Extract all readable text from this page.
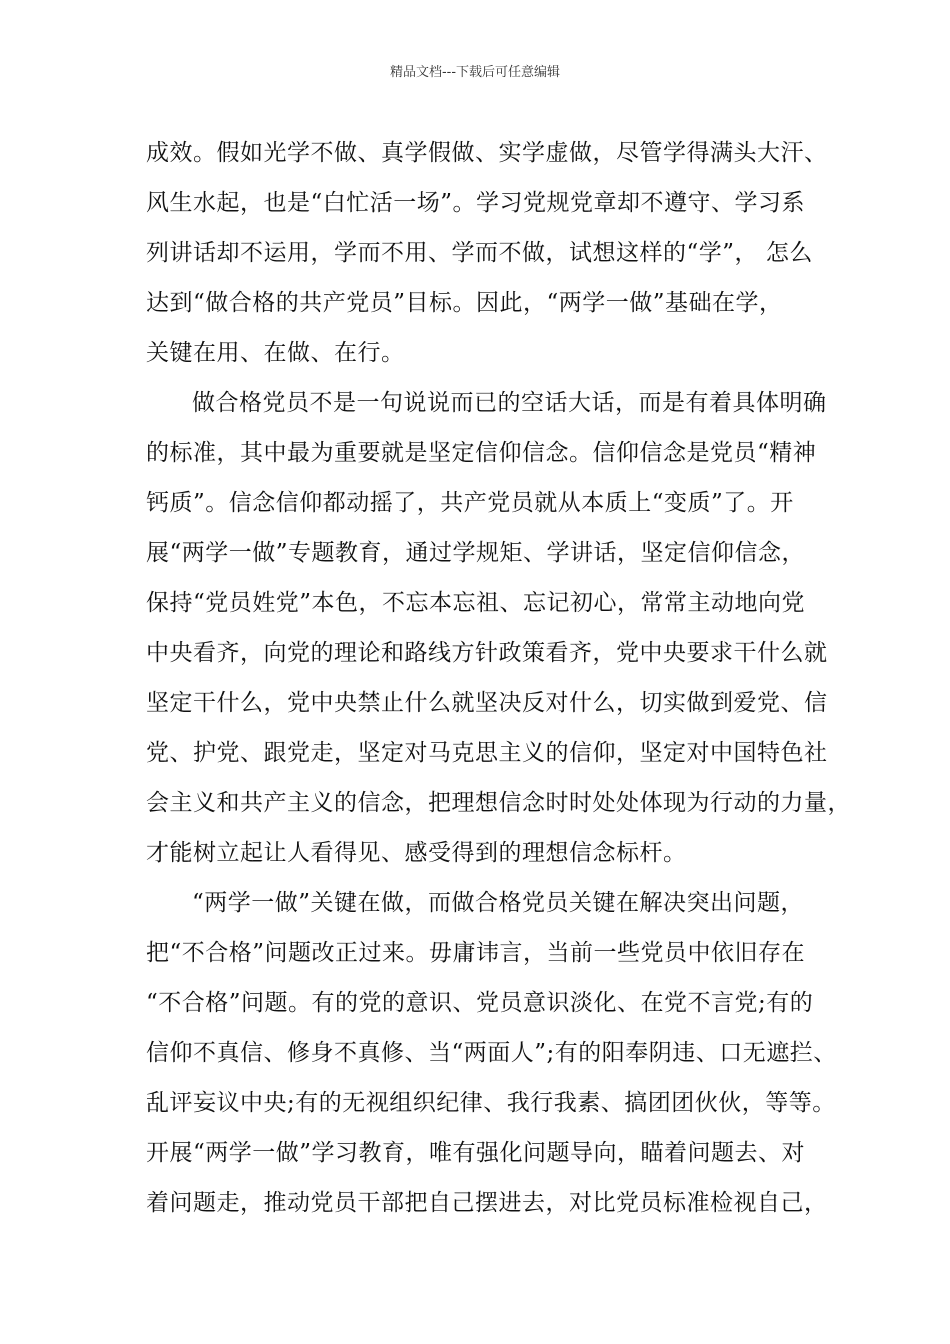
精品文档---下载后可任意编辑
成效。假如光学不做、真学假做、实学虚做，尽管学得满头大汗、
风生水起，也是“白忙活一场”。学习党规党章却不遵守、学习系
列讲话却不运用，学而不用、学而不做，试想这样的“学”， 怎么
达到“做合格的共产党员”目标。因此，“两学一做”基础在学，
关键在用、在做、在行。
做合格党员不是一句说说而已的空话大话，而是有着具体明确
的标准，其中最为重要就是坚定信仰信念。信仰信念是党员“精神
钙质”。信念信仰都动摇了，共产党员就从本质上“变质”了。开
展“两学一做”专题教育，通过学规矩、学讲话，坚定信仰信念，
保持“党员姓党”本色，不忘本忘祖、忘记初心，常常主动地向党
中央看齐，向党的理论和路线方针政策看齐，党中央要求干什么就
坚定干什么，党中央禁止什么就坚决反对什么，切实做到爱党、信
党、护党、跟党走，坚定对马克思主义的信仰，坚定对中国特色社
会主义和共产主义的信念，把理想信念时时处处体现为行动的力量，
才能树立起让人看得见、感受得到的理想信念标杆。
“两学一做”关键在做，而做合格党员关键在解决突出问题，
把“不合格”问题改正过来。毋庸讳言，当前一些党员中依旧存在
“不合格”问题。有的党的意识、党员意识淡化、在党不言党;有的
信仰不真信、修身不真修、当“两面人”;有的阳奉阴违、口无遮拦、
乱评妄议中央;有的无视组织纪律、我行我素、搞团团伙伙，等等。
开展“两学一做”学习教育，唯有强化问题导向，瞄着问题去、对
着问题走，推动党员干部把自己摆进去，对比党员标准检视自己，
